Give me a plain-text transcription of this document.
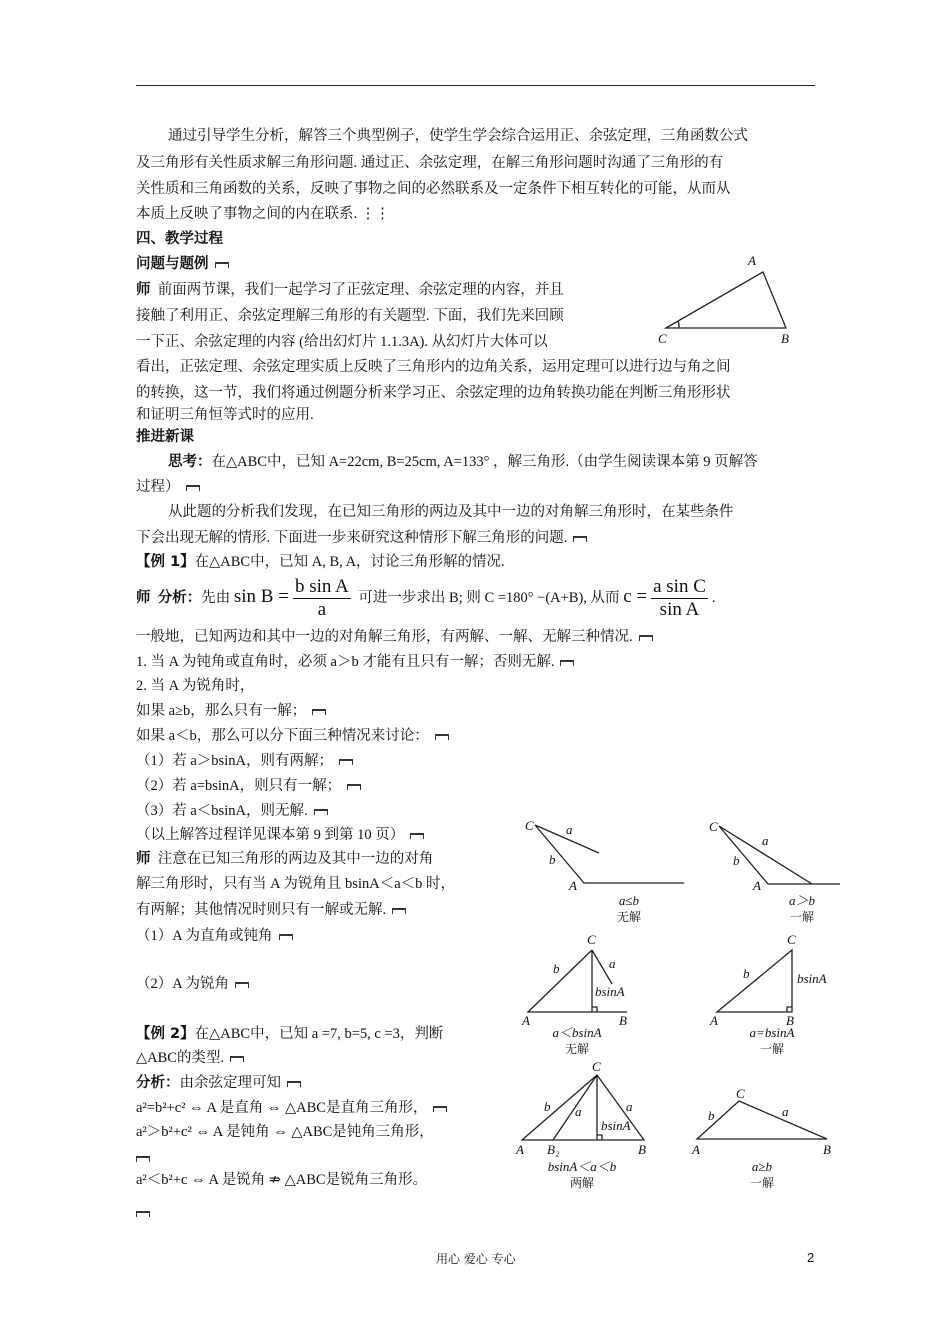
通过引导学生分析，解答三个典型例子，使学生学会综合运用正、余弦定理，三角函数公式
及三角形有关性质求解三角形问题. 通过正、余弦定理，在解三角形问题时沟通了三角形的有
关性质和三角函数的关系，反映了事物之间的必然联系及一定条件下相互转化的可能，从而从
本质上反映了事物之间的内在联系. ⋮⋮
四、教学过程
问题与题例
师 前面两节课，我们一起学习了正弦定理、余弦定理的内容，并且
接触了利用正、余弦定理解三角形的有关题型. 下面，我们先来回顾
一下正、余弦定理的内容 (给出幻灯片 1.1.3A). 从幻灯片大体可以
看出，正弦定理、余弦定理实质上反映了三角形内的边角关系，运用定理可以进行边与角之间
的转换，这一节，我们将通过例题分析来学习正、余弦定理的边角转换功能在判断三角形形状
和证明三角恒等式时的应用.
推进新课
思考：在△ABC中，已知 A=22cm, B=25cm, A=133° ，解三角形.（由学生阅读课本第 9 页解答
过程）
从此题的分析我们发现，在已知三角形的两边及其中一边的对角解三角形时，在某些条件
下会出现无解的情形. 下面进一步来研究这种情形下解三角形的问题.
【例 1】在△ABC中，已知 A, B, A，讨论三角形解的情况.
师 分析：先由 $\sin B = \frac{\text{b sin A}}{a}$ 可进一步求出 B; 则 C =180° −(A+B), 从而 $c = \frac{\text{a sin C}}{\text{sin A}}$ .
一般地，已知两边和其中一边的对角解三角形，有两解、一解、无解三种情况.
1. 当 A 为钝角或直角时，必须 a＞b 才能有且只有一解；否则无解.
2. 当 A 为锐角时，
如果 a≥b，那么只有一解；
如果 a＜b，那么可以分下面三种情况来讨论：
（1）若 a＞bsinA，则有两解；
（2）若 a=bsinA，则只有一解；
（3）若 a＜bsinA，则无解.
（以上解答过程详见课本第 9 到第 10 页）
师 注意在已知三角形的两边及其中一边的对角
解三角形时，只有当 A 为锐角且 bsinA＜a＜b 时，
有两解；其他情况时则只有一解或无解.
（1）A 为直角或钝角
（2）A 为锐角
【例 2】在△ABC中，已知 a =7, b=5, c =3，判断
△ABC的类型.
分析：由余弦定理可知
a²=b²+c² ⇔ A 是直角 ⇔ △ABC是直角三角形，
a²＞b²+c² ⇔ A 是钝角 ⇔ △ABC是钝角三角形，
a²＜b²+c ⇔ A 是锐角 ⇏ △ABC是锐角三角形。
A
C	B
C a
b
A
a≤b
无解
C
a
b
A
a＞b
一解
C
b	a
bsinA
A	B
a＜bsinA
无解
C
b	bsinA
A	B
a=bsinA
一解
C
b a	a
bsinA
A B₂	B
bsinA＜a＜b
两解
C
b	a
A	B
a≥b
一解
用心 爱心 专心	2
